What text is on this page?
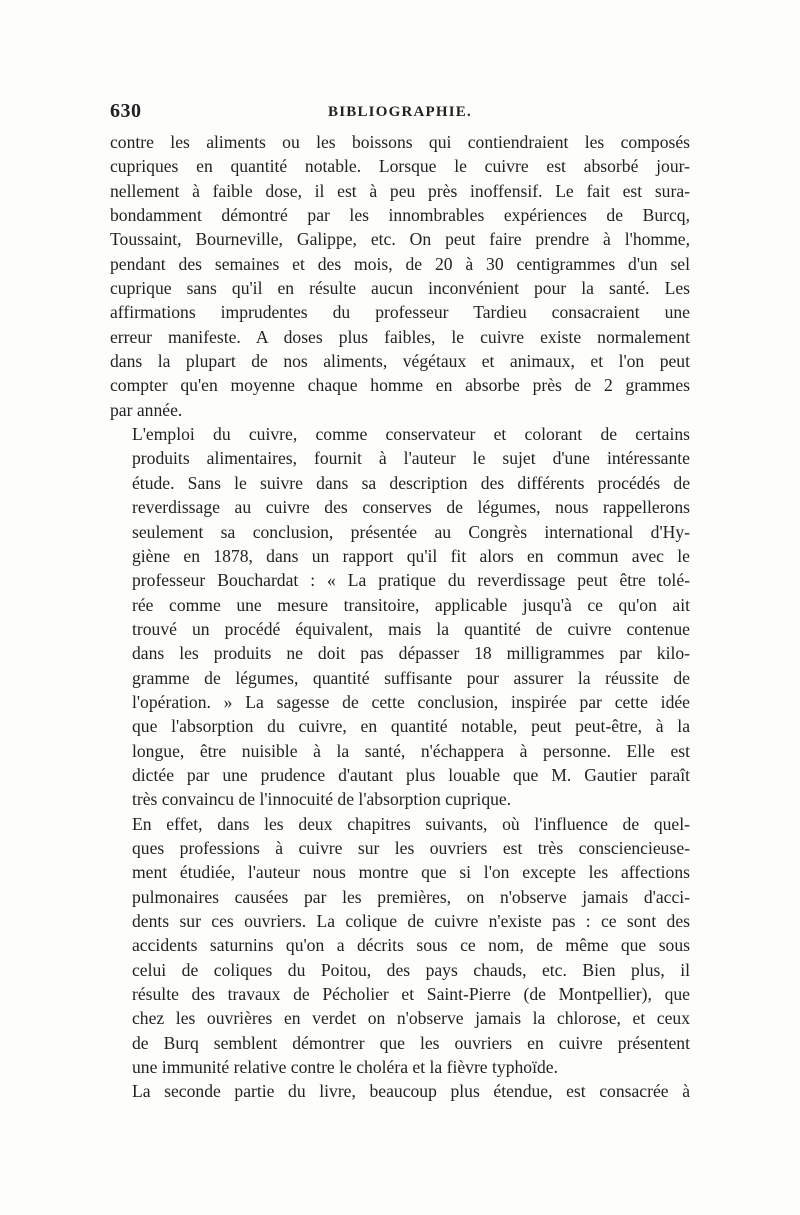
630	BIBLIOGRAPHIE.

contre les aliments ou les boissons qui contiendraient les composés
cupriques en quantité notable. Lorsque le cuivre est absorbé jour-
nellement à faible dose, il est à peu près inoffensif. Le fait est sura-
bondamment démontré par les innombrables expériences de Burcq,
Toussaint, Bourneville, Galippe, etc. On peut faire prendre à l'homme,
pendant des semaines et des mois, de 20 à 30 centigrammes d'un sel
cuprique sans qu'il en résulte aucun inconvénient pour la santé. Les
affirmations imprudentes du professeur Tardieu consacraient une
erreur manifeste. A doses plus faibles, le cuivre existe normalement
dans la plupart de nos aliments, végétaux et animaux, et l'on peut
compter qu'en moyenne chaque homme en absorbe près de 2 grammes
par année.

L'emploi du cuivre, comme conservateur et colorant de certains
produits alimentaires, fournit à l'auteur le sujet d'une intéressante
étude. Sans le suivre dans sa description des différents procédés de
reverdissage au cuivre des conserves de légumes, nous rappellerons
seulement sa conclusion, présentée au Congrès international d'Hy-
giène en 1878, dans un rapport qu'il fit alors en commun avec le
professeur Bouchardat : « La pratique du reverdissage peut être tolé-
rée comme une mesure transitoire, applicable jusqu'à ce qu'on ait
trouvé un procédé équivalent, mais la quantité de cuivre contenue
dans les produits ne doit pas dépasser 18 milligrammes par kilo-
gramme de légumes, quantité suffisante pour assurer la réussite de
l'opération. » La sagesse de cette conclusion, inspirée par cette idée
que l'absorption du cuivre, en quantité notable, peut peut-être, à la
longue, être nuisible à la santé, n'échappera à personne. Elle est
dictée par une prudence d'autant plus louable que M. Gautier paraît
très convaincu de l'innocuité de l'absorption cuprique.

En effet, dans les deux chapitres suivants, où l'influence de quel-
ques professions à cuivre sur les ouvriers est très consciencieuse-
ment étudiée, l'auteur nous montre que si l'on excepte les affections
pulmonaires causées par les premières, on n'observe jamais d'acci-
dents sur ces ouvriers. La colique de cuivre n'existe pas : ce sont des
accidents saturnins qu'on a décrits sous ce nom, de même que sous
celui de coliques du Poitou, des pays chauds, etc. Bien plus, il
résulte des travaux de Pécholier et Saint-Pierre (de Montpellier), que
chez les ouvrières en verdet on n'observe jamais la chlorose, et ceux
de Burq semblent démontrer que les ouvriers en cuivre présentent
une immunité relative contre le choléra et la fièvre typhoïde.

La seconde partie du livre, beaucoup plus étendue, est consacrée à
